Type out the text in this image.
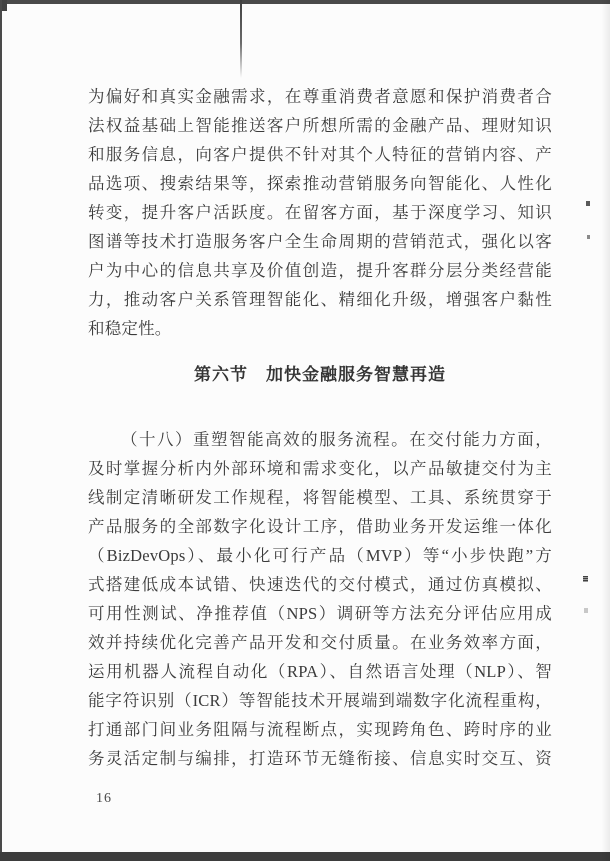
为偏好和真实金融需求，在尊重消费者意愿和保护消费者合
法权益基础上智能推送客户所想所需的金融产品、理财知识
和服务信息，向客户提供不针对其个人特征的营销内容、产
品选项、搜索结果等，探索推动营销服务向智能化、人性化
转变，提升客户活跃度。在留客方面，基于深度学习、知识
图谱等技术打造服务客户全生命周期的营销范式，强化以客
户为中心的信息共享及价值创造，提升客群分层分类经营能
力，推动客户关系管理智能化、精细化升级，增强客户黏性
和稳定性。
第六节　加快金融服务智慧再造
（十八）重塑智能高效的服务流程。在交付能力方面，
及时掌握分析内外部环境和需求变化，以产品敏捷交付为主
线制定清晰研发工作规程，将智能模型、工具、系统贯穿于
产品服务的全部数字化设计工序，借助业务开发运维一体化
（BizDevOps）、最小化可行产品（MVP）等“小步快跑”方
式搭建低成本试错、快速迭代的交付模式，通过仿真模拟、
可用性测试、净推荐值（NPS）调研等方法充分评估应用成
效并持续优化完善产品开发和交付质量。在业务效率方面，
运用机器人流程自动化（RPA）、自然语言处理（NLP）、智
能字符识别（ICR）等智能技术开展端到端数字化流程重构，
打通部门间业务阻隔与流程断点，实现跨角色、跨时序的业
务灵活定制与编排，打造环节无缝衔接、信息实时交互、资
16
